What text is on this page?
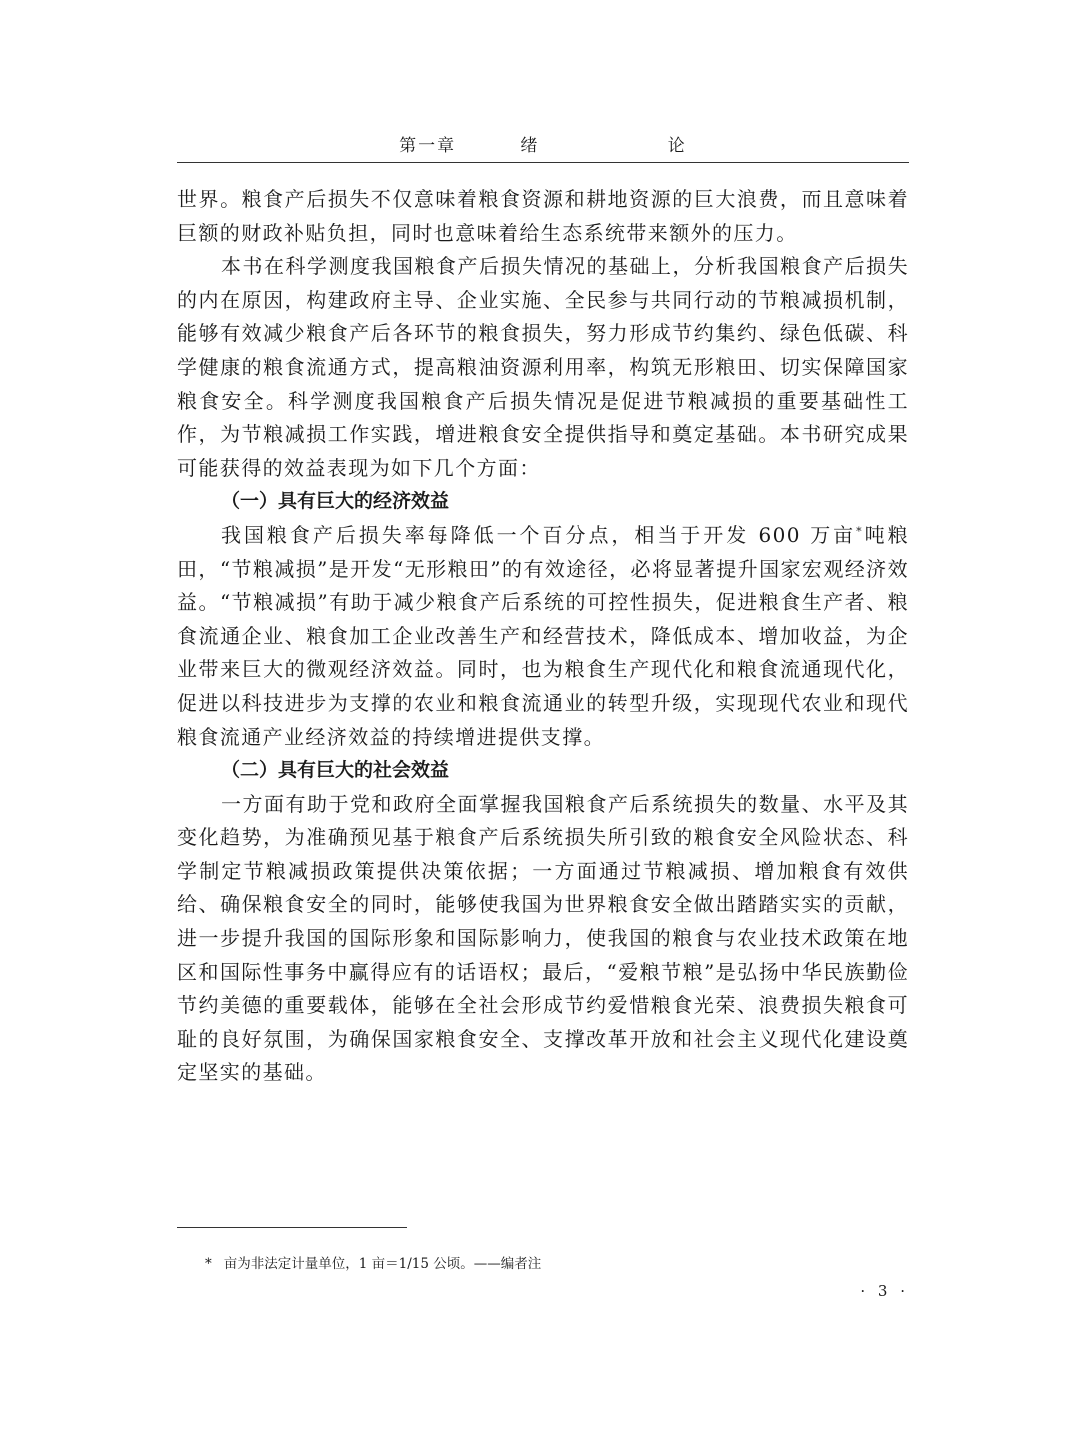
第一章   绪      论

世界。粮食产后损失不仅意味着粮食资源和耕地资源的巨大浪费，而且意味着巨额的财政补贴负担，同时也意味着给生态系统带来额外的压力。

本书在科学测度我国粮食产后损失情况的基础上，分析我国粮食产后损失的内在原因，构建政府主导、企业实施、全民参与共同行动的节粮减损机制，能够有效减少粮食产后各环节的粮食损失，努力形成节约集约、绿色低碳、科学健康的粮食流通方式，提高粮油资源利用率，构筑无形粮田、切实保障国家粮食安全。科学测度我国粮食产后损失情况是促进节粮减损的重要基础性工作，为节粮减损工作实践，增进粮食安全提供指导和奠定基础。本书研究成果可能获得的效益表现为如下几个方面：

（一）具有巨大的经济效益

我国粮食产后损失率每降低一个百分点，相当于开发 600 万亩*吨粮田，“节粮减损”是开发“无形粮田”的有效途径，必将显著提升国家宏观经济效益。“节粮减损”有助于减少粮食产后系统的可控性损失，促进粮食生产者、粮食流通企业、粮食加工企业改善生产和经营技术，降低成本、增加收益，为企业带来巨大的微观经济效益。同时，也为粮食生产现代化和粮食流通现代化，促进以科技进步为支撑的农业和粮食流通业的转型升级，实现现代农业和现代粮食流通产业经济效益的持续增进提供支撑。

（二）具有巨大的社会效益

一方面有助于党和政府全面掌握我国粮食产后系统损失的数量、水平及其变化趋势，为准确预见基于粮食产后系统损失所引致的粮食安全风险状态、科学制定节粮减损政策提供决策依据；一方面通过节粮减损、增加粮食有效供给、确保粮食安全的同时，能够使我国为世界粮食安全做出踏踏实实的贡献，进一步提升我国的国际形象和国际影响力，使我国的粮食与农业技术政策在地区和国际性事务中赢得应有的话语权；最后，“爱粮节粮”是弘扬中华民族勤俭节约美德的重要载体，能够在全社会形成节约爱惜粮食光荣、浪费损失粮食可耻的良好氛围，为确保国家粮食安全、支撑改革开放和社会主义现代化建设奠定坚实的基础。

* 亩为非法定计量单位，1 亩＝1/15 公顷。——编者注
· 3 ·
